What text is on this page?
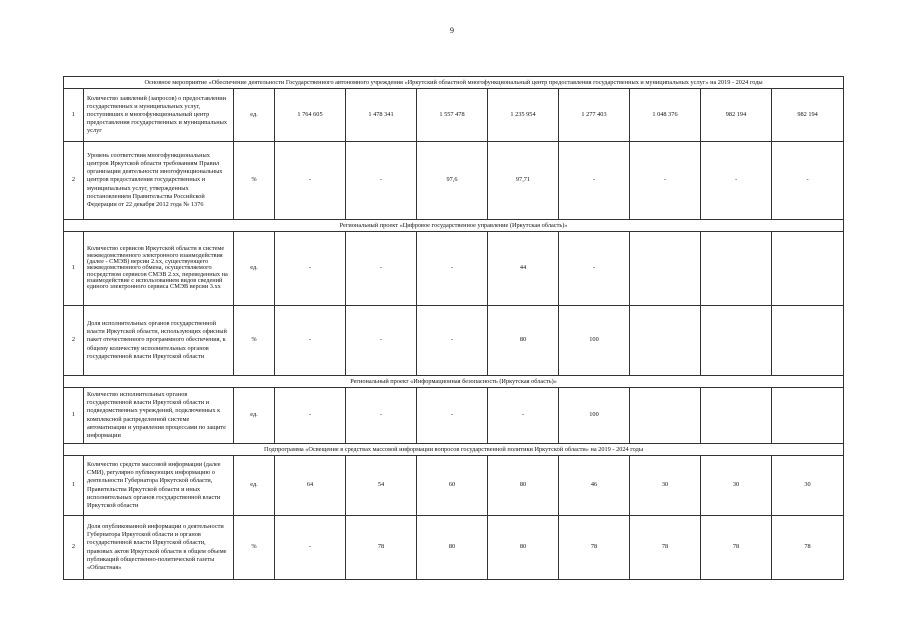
9
Основное мероприятие «Обеспечение деятельности Государственного автономного учреждения «Иркутский областной многофункциональный центр предоставления государственных и муниципальных услуг» на 2019 - 2024 годы										
1	Количество заявлений (запросов) о предоставлении государственных и муниципальных услуг, поступивших в многофункциональный центр предоставления государственных и муниципальных услуг	ед.	1 764 605	1 478 341	1 557 478	1 235 954	1 277 403	1 048 376	982 194	982 194
2	Уровень соответствия многофункциональных центров Иркутской области требованиям Правил организации деятельности многофункциональных центров предоставления государственных и муниципальных услуг, утвержденных постановлением Правительства Российской Федерации от 22 декабря 2012 года № 1376	%	-	-	97,6	97,71	-	-	-	-
Региональный проект «Цифровое государственное управление (Иркутская область)»										
1	Количество сервисов Иркутской области в системе межведомственного электронного взаимодействия (далее - СМЭВ) версии 2.хх, существующего межведомственного обмена, осуществляемого посредством сервисов СМЭВ 2.хх, переведенных на взаимодействие с использованием видов сведений единого электронного сервиса СМЭВ версии 3.хх	ед.	-	-	-	44	-			
2	Доля исполнительных органов государственной власти Иркутской области, использующих офисный пакет отечественного программного обеспечения, к общему количеству исполнительных органов государственной власти Иркутской области	%	-	-	-	80	100			
Региональный проект «Информационная безопасность (Иркутская область)»										
1	Количество исполнительных органов государственной власти Иркутской области и подведомственных учреждений, подключенных к комплексной распределенной системе автоматизации и управления процессами по защите информации	ед.	-	-	-	-	100			
Подпрограмма «Освещение в средствах массовой информации вопросов государственной политики Иркутской области» на 2019 - 2024 годы										
1	Количество средств массовой информации (далее СМИ), регулярно публикующих информацию о деятельности Губернатора Иркутской области, Правительства Иркутской области и иных исполнительных органов государственной власти Иркутской области	ед.	64	54	60	80	46	30	30	30
2	Доля опубликованной информации о деятельности Губернатора Иркутской области и органов государственной власти Иркутской области, правовых актов Иркутской области в общем объеме публикаций общественно-политической газеты «Областная»	%	-	78	80	80	78	78	78	78
